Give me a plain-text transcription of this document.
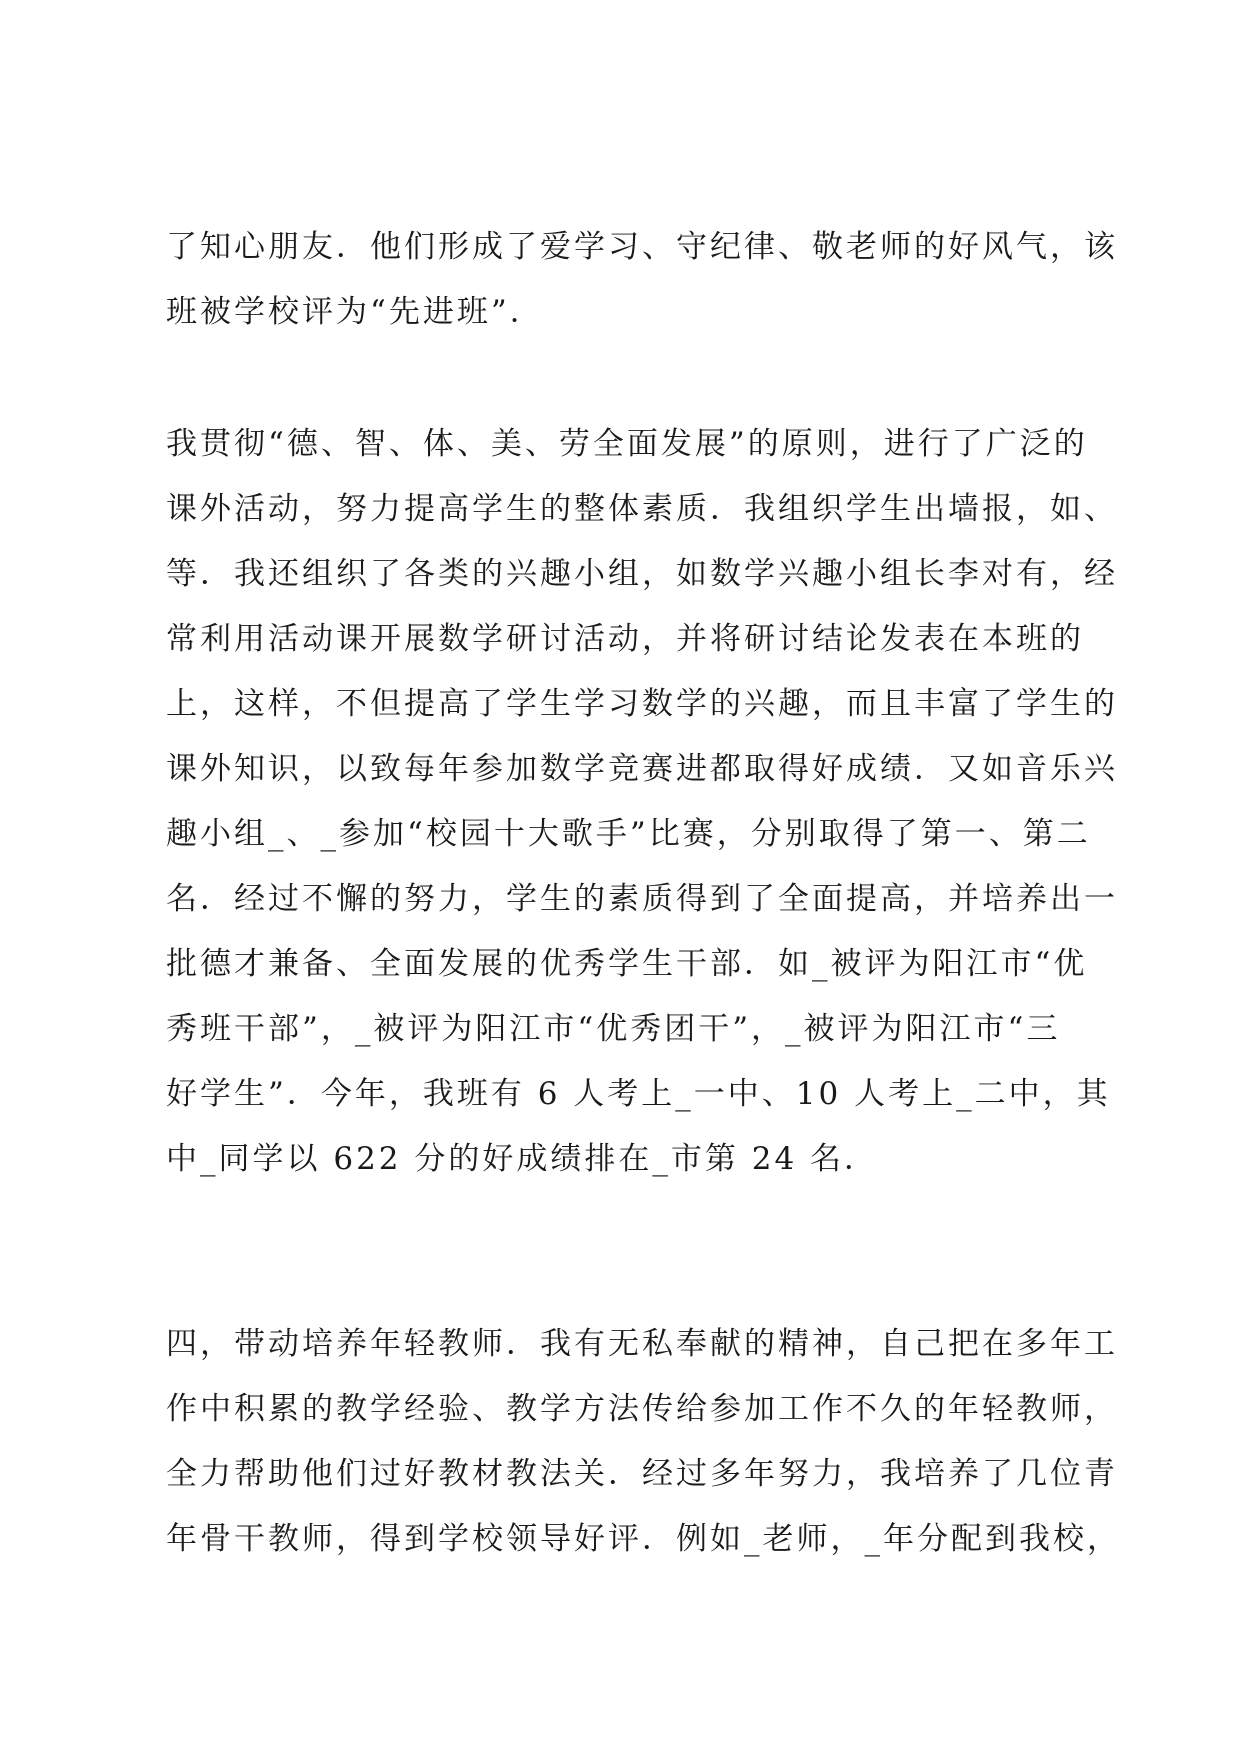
了知心朋友．他们形成了爱学习、守纪律、敬老师的好风气，该
班被学校评为“先进班”．
我贯彻“德、智、体、美、劳全面发展”的原则，进行了广泛的
课外活动，努力提高学生的整体素质．我组织学生出墙报，如、
等．我还组织了各类的兴趣小组，如数学兴趣小组长李对有，经
常利用活动课开展数学研讨活动，并将研讨结论发表在本班的
上，这样，不但提高了学生学习数学的兴趣，而且丰富了学生的
课外知识，以致每年参加数学竞赛进都取得好成绩．又如音乐兴
趣小组_、_参加“校园十大歌手”比赛，分别取得了第一、第二
名．经过不懈的努力，学生的素质得到了全面提高，并培养出一
批德才兼备、全面发展的优秀学生干部．如_被评为阳江市“优
秀班干部”，_被评为阳江市“优秀团干”，_被评为阳江市“三
好学生”．今年，我班有 6 人考上_一中、10 人考上_二中，其
中_同学以 622 分的好成绩排在_市第 24 名．
四，带动培养年轻教师．我有无私奉献的精神，自己把在多年工
作中积累的教学经验、教学方法传给参加工作不久的年轻教师，
全力帮助他们过好教材教法关．经过多年努力，我培养了几位青
年骨干教师，得到学校领导好评．例如_老师，_年分配到我校，
